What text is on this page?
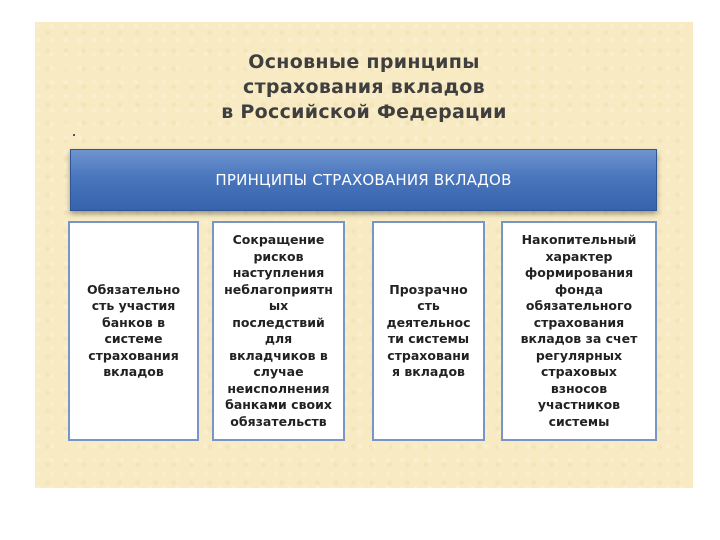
Основные принципы
страхования вкладов
в Российской Федерации
ПРИНЦИПЫ СТРАХОВАНИЯ ВКЛАДОВ
Обязательно
сть участия
банков в
системе
страхования
вкладов
Сокращение
рисков
наступления
неблагоприятн
ых
последствий
для
вкладчиков в
случае
неисполнения
банками своих
обязательств
Прозрачно
сть
деятельнос
ти системы
страховани
я вкладов
Накопительный
характер
формирования
фонда
обязательного
страхования
вкладов за счет
регулярных
страховых
взносов
участников
системы
